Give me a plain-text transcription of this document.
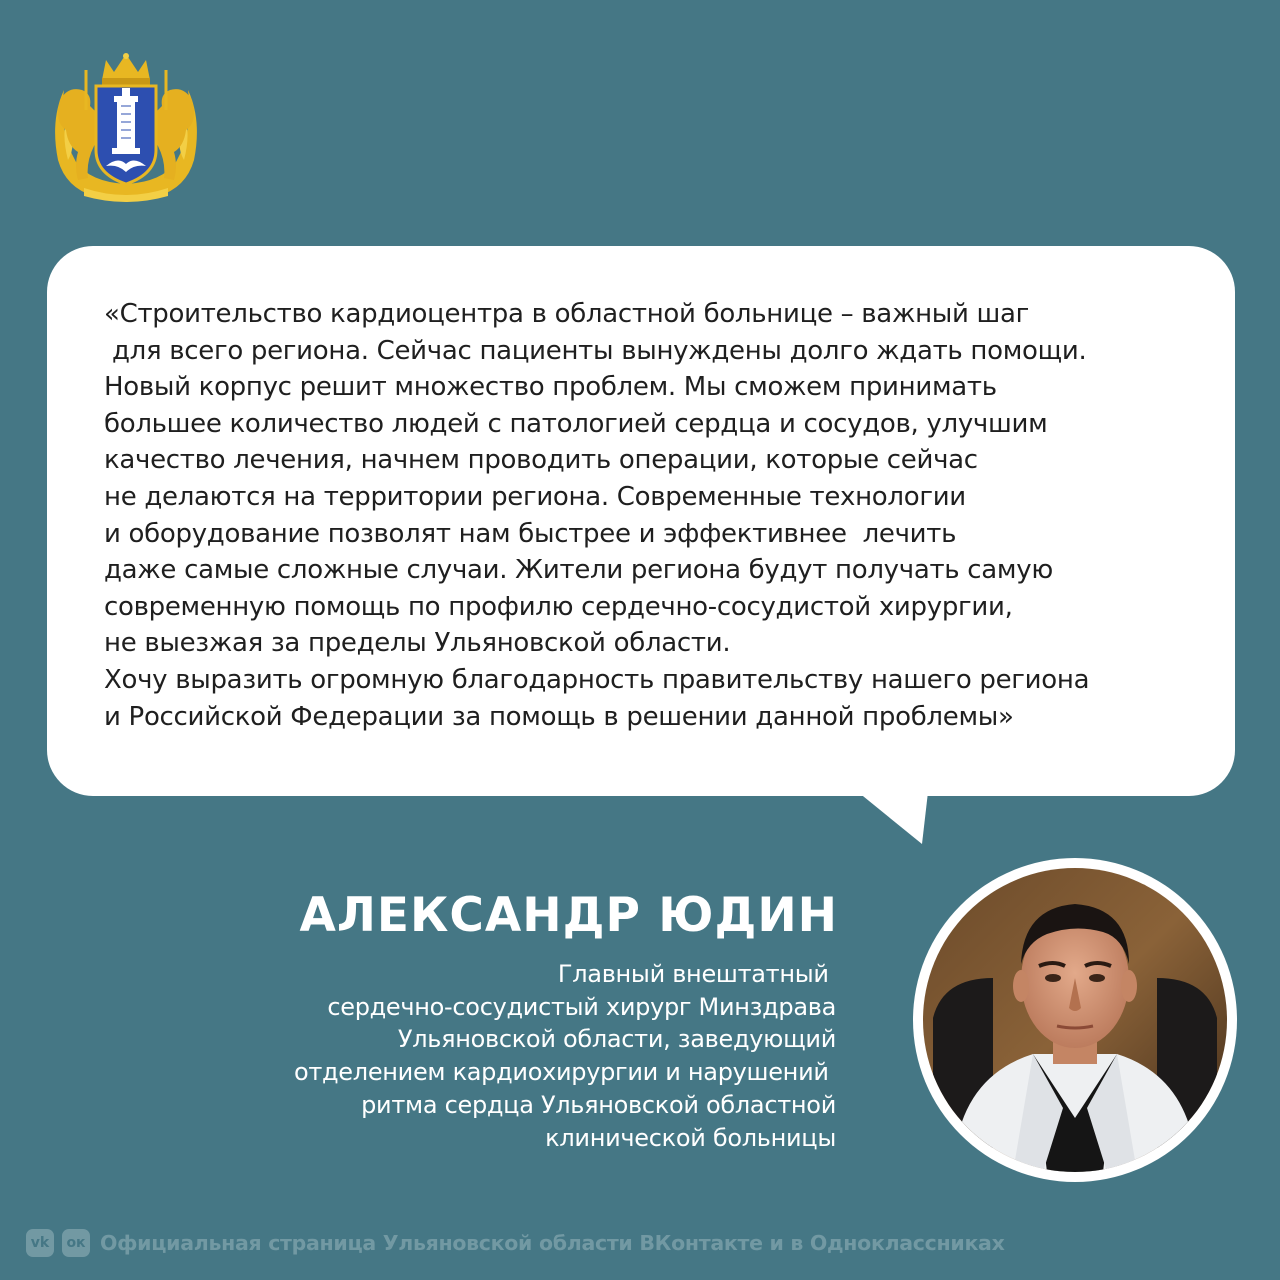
«Строительство кардиоцентра в областной больнице – важный шаг
для всего региона. Сейчас пациенты вынуждены долго ждать помощи.
Новый корпус решит множество проблем. Мы сможем принимать
большее количество людей с патологией сердца и сосудов, улучшим
качество лечения, начнем проводить операции, которые сейчас
не делаются на территории региона. Современные технологии
и оборудование позволят нам быстрее и эффективнее  лечить
даже самые сложные случаи. Жители региона будут получать самую
современную помощь по профилю сердечно-сосудистой хирургии,
не выезжая за пределы Ульяновской области.
Хочу выразить огромную благодарность правительству нашего региона
и Российской Федерации за помощь в решении данной проблемы»
АЛЕКСАНДР ЮДИН
Главный внештатный
сердечно-сосудистый хирург Минздрава
Ульяновской области, заведующий
отделением кардиохирургии и нарушений
ритма сердца Ульяновской областной
клинической больницы
vk	ок Официальная страница Ульяновской области ВКонтакте и в Одноклассниках
